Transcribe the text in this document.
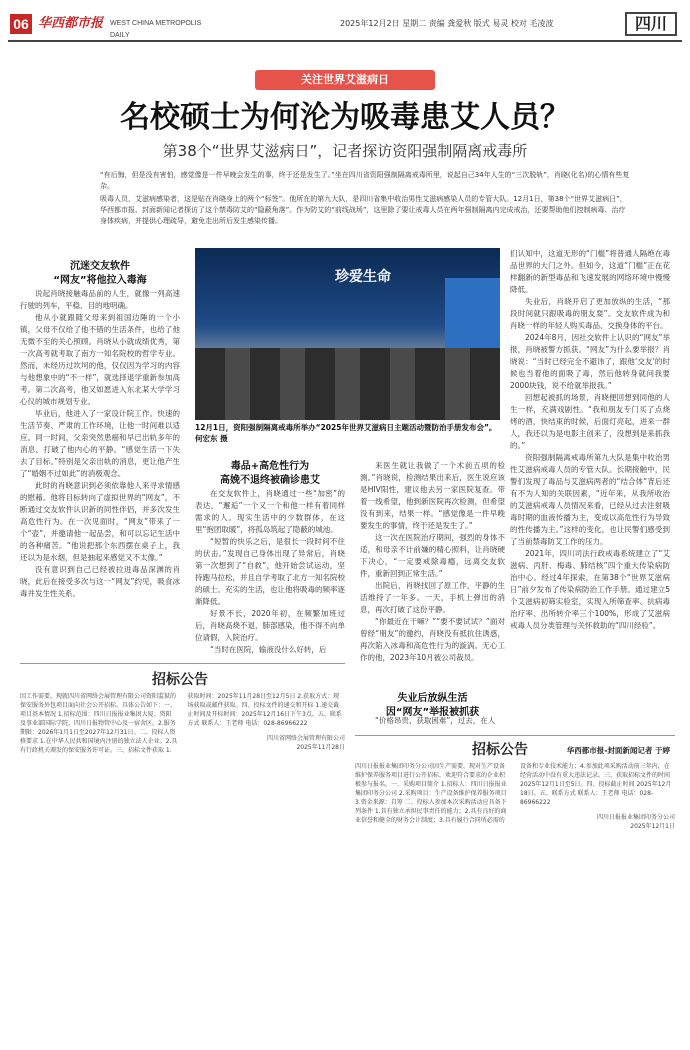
06 华西都市报 WEST CHINA METROPOLIS DAILY
2025年12月2日 星期二 责编 龚爱秋 版式 易灵 校对 毛凌波	四川
关注世界艾滋病日
名校硕士为何沦为吸毒患艾人员？
第38个“世界艾滋病日”，记者探访资阳强制隔离戒毒所

“有后悔，但是没有害怕，感觉像是一件早晚会发生的事，终于还是发生了。”坐在四川省资阳强制隔离戒毒所里，说起自己34年人生的“三次脱轨”，肖晓(化名)的心情有些复杂。

吸毒人员，艾滋病感染者，这是贴在肖晓身上的两个“标签”。他所在的第九大队，是四川省集中收治男性艾滋病感染人员的专管大队。12月1日，第38个“世界艾滋病日”，华西都市报、封面新闻记者探访了这个禁毒防艾的“隐蔽角落”。作为防艾的“前线战场”，这里除了要让戒毒人员在两年强制隔离内完成戒治，还要帮助他们控制病毒、治疗身体疾病，并提供心理疏导，避免走出所后发生感染传播。

沉迷交友软件
“网友”将他拉入毒海

说起肖晓接触毒品前的人生，就像一列高速行驶的列车，平稳、目的地明确。

他从小就跟随父母来到祖国边陲的一个小镇，父母不仅给了他不错的生活条件，也给了他无微不至的关心照顾。肖晓从小就成绩优秀，第一次高考就考取了南方一知名院校的哲学专业。然而，未经历过坎坷的他，仅仅因为学习的内容与他想象中的“不一样”，就选择退学重新参加高考。第二次高考，他又如愿进入东北某大学学习心仪的城市规划专业。

毕业后，他进入了一家设计院工作。快速的生活节奏、严肃的工作环境，让他一时间难以适应。同一时间，父亲突然患癌和早已出轨多年的消息，打破了他内心的平静。“感觉生活一下失去了目标。”特别是父亲出轨的消息，更让他产生了“婚姻不过如此”的消极观念。

此时的肖晓意识到必须依靠他人来寻求情感的慰藉。他将目标转向了虚拟世界的“网友”，不断通过交友软件认识新的同性伴侣，并多次发生高危性行为。在一次见面时，“网友”带来了一个“壶”，并邀请他一起品尝，和可以忘记生活中的各种痛苦。“他说把那个东西摆在桌子上，我还以为是水烟，但是抽起来感觉又不太像。”

没有意识到自己已经被拉进毒品深渊的肖晓，此后在接受多次与这一“网友”约见，吸食冰毒并发生性关系。

珍爱生命
12月1日，资阳强制隔离戒毒所举办“2025年世界艾滋病日主题活动暨防治手册发布会”。何宏东 摄
毒品+高危性行为
高娩不退终被确诊患艾

在交友软件上，肖晓通过一些“加密”的表达，“邂逅”一个又一个和他一样有着同样需求的人。现实生活中的少数群体，在这里“抱团取暖”，将孤岛筑起了隐蔽的城池。

“短暂的快乐之后，是很长一段时间不住的伏击。”发现自己身体出现了异常后，肖晓第一次想到了“自救”，他开始尝试运动，坚持跑马拉松，并且自学考取了北方一知名院校的硕士。充实的生活，也让他将吸毒的频率逐渐降低。

好景不长，2020年初，在频繁加班过后，肖晓高烧不退，肺部感染，他不得不向单位请假，入院治疗。

“当时在医院，输液没什么好转，后

来医生就让我做了一个术前五项的检测。”肖晓说，检测结果出来后，医生说应该是HIV阳性，建议他去另一家医院复查。带着一线希望，他到新医院再次检测，但希望没有到来，结果一样。“感觉像是一件早晚要发生的事情，终于还是发生了。”

这一次在医院治疗期间，强烈的身体不适，和母亲不计前嫌的精心照料，让肖晓硬下决心，“一定要戒除毒瘾，远离交友软件，重新回到正常生活。”

出院后，肖晓找回了原工作，平静的生活维持了一年多。一天，手机上弹出的消息，再次打破了这份平静。

“你最近在干嘛？”“要不要试试？”面对曾经“朋友”的邀约，肖晓没有抵抗住诱惑，再次陷入冰毒和高危性行为的漩涡。无心工作的他，2023年10月被公司裁员。

失业后放纵生活
因“网友”举报被抓获
“价格昂贵、获取困难”，过去，在人

们认知中，这道无形的“门槛”将普通人隔绝在毒品世界的大门之外。但如今，这道“门槛”正在花样翻新的新型毒品和飞速发展的网络环境中慢慢降低。

失业后，肖晓开启了更加放纵的生活，“那段时间就只跟吸毒的朋友耍”。交友软件成为和肖晓一样的年轻人购买毒品、交换身体的平台。

2024年8月，因社交软件上认识的“网友”举报，肖晓被警方抓获。“网友”为什么要举报？肖晓说：“当时已经完全不避讳了，跟他‘交友’的时候也当着他的面吸了毒，然后他转身就问我要2000块钱，说不给就举报我。”

回想起被抓的场景，肖晓便回想到同他的人生一样，充满戏剧性。“我和朋友专门买了点烧烤的酒，快结束的时候，后面灯亮起，进来一群人，我还以为是电影主创来了，没想到是来抓我的。”

资阳强制隔离戒毒所第九大队是集中收治男性艾滋病戒毒人员的专管大队。长期接触中，民警们发现了毒品与艾滋病两者的“结合体”背后还有不为人知的关联因素，“近年来，从我所收治的艾滋病戒毒人员情况来看，已经从过去注射吸毒时期的血液传播为主，变成以高危性行为导致的性传播为主。”这样的变化，也让民警们感受到了当前禁毒防艾工作的压力。

2021年，四川司法行政戒毒系统建立了“艾滋病、丙肝、梅毒、肺结核”四个重大传染病防治中心。经过4年探索，在第38个“世界艾滋病日”前夕发布了传染病防治工作手册。通过建立5个艾滋病初筛实验室，实现入所筛查率、抗病毒治疗率、出所转介率三个100%，形成了艾滋病戒毒人员分类管理与关怀救助的“四川经验”。

华西都市报-封面新闻记者 于婷
招标公告

因工作需要，现就四川省网络会展管理有限公司资阳监狱的保安服务外包项目面向社会公开招标。具体公告如下：一、项目基本情况 1.招标范围：四川日报报业集团大厦、资阳及事业部国际学院，四川日报物管中心及一宿舍区。2.服务期限：2026年1月1日至2027年12月31日。二、投标人资格要求 1.在中华人民共和国境内注册的独立法人企业。2.具有行政机关颁发的保安服务许可证。三、招标文件获取 1.获取时间：2025年11月28日至12月5日 2.获取方式：现场获取或邮件获取。四、投标文件的递交和开标 1.递交截止时间及开标时间：2025年12月16日下午3点。五、联系方式 联系人：王老师 电话：028-86966222

四川省网络会展管理有限公司
2025年11月28日	招标公告

四川日报报业集团印务分公司因生产需要，现对生产设备维护保养服务项目进行公开招标，欢迎符合要求的企业积极参与报名。一、采购项目简介 1.招标人：四川日报报业集团印务分公司 2.采购项目：生产设备维护保养服务项目 3.资金来源：自筹 二、投标人参加本次采购活动应具备下列条件 1.具有独立承担民事责任的能力；2.具有良好的商业信誉和健全的财务会计制度；3.具有履行合同所必需的设备和专业技术能力；4.参加此项采购活动前三年内，在经营活动中没有重大违法记录。三、获取招标文件的时间 2025年12月1日至5日。四、投标截止时间 2025年12月18日。五、联系方式 联系人：王老师 电话：028-86966222

四川日报报业集团印务分公司
2025年12月1日
